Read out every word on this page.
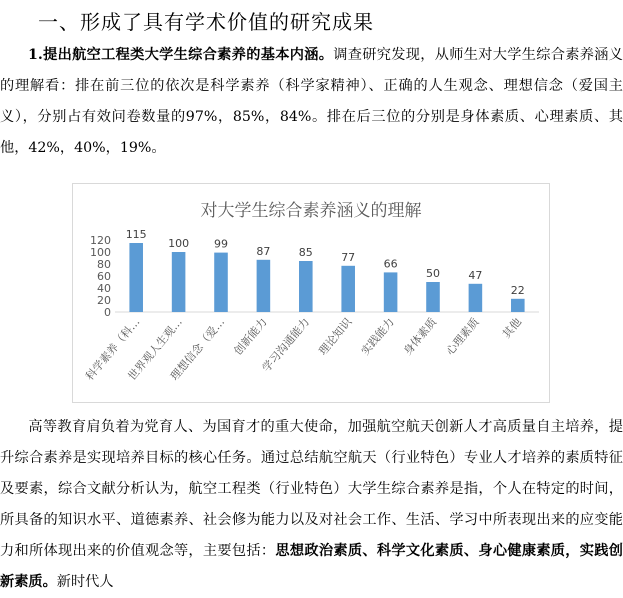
一、形成了具有学术价值的研究成果

1.提出航空工程类大学生综合素养的基本内涵。调查研究发现，从师生对大学生综合素养涵义的理解看：排在前三位的依次是科学素养（科学家精神）、正确的人生观念、理想信念（爱国主义），分别占有效问卷数量的97%，85%，84%。排在后三位的分别是身体素质、心理素质、其他，42%，40%，19%。

对大学生综合素养涵义的理解
0
20
40
60
80
100
120 115
100 99
87	85	77
66
50	47
22
科学素养（科…
世界观人生观…
理想信念（爱… 创新能力
学习沟通能力 理论知识 实践能力 身体素质 心理素质 其他

高等教育肩负着为党育人、为国育才的重大使命，加强航空航天创新人才高质量自主培养，提升综合素养是实现培养目标的核心任务。通过总结航空航天（行业特色）专业人才培养的素质特征及要素，综合文献分析认为，航空工程类（行业特色）大学生综合素养是指，个人在特定的时间，所具备的知识水平、道德素养、社会修为能力以及对社会工作、生活、学习中所表现出来的应变能力和所体现出来的价值观念等，主要包括：思想政治素质、科学文化素质、身心健康素质，实践创新素质。新时代人
